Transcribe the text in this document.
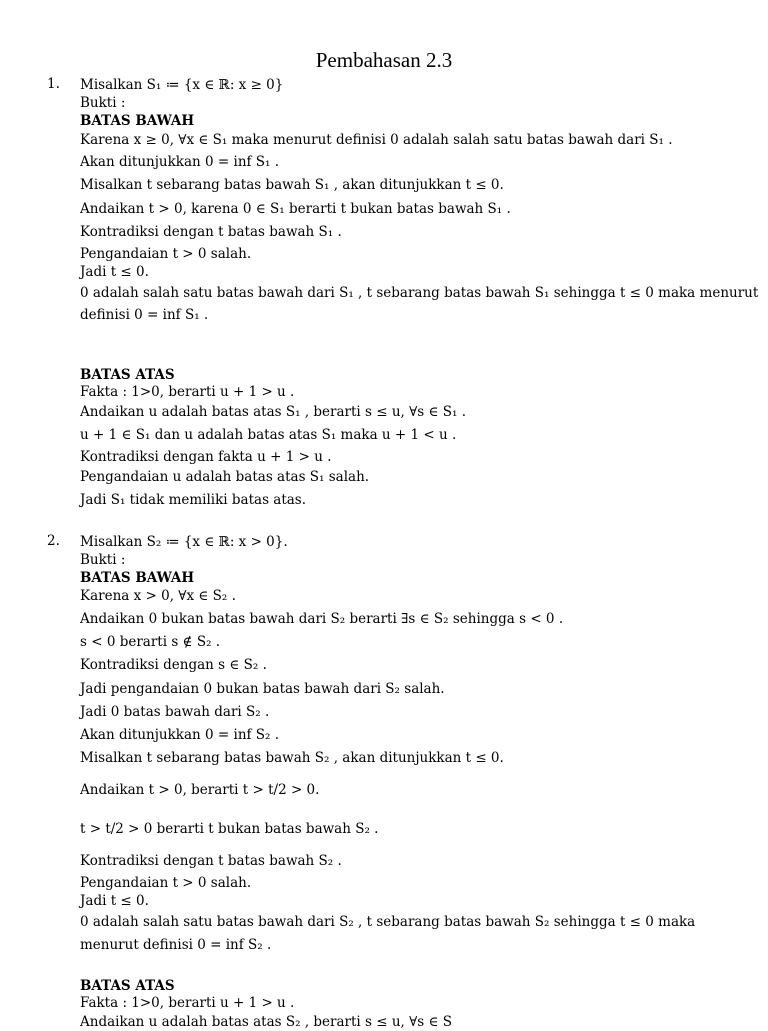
Pembahasan 2.3
1. Misalkan S₁ ≔ {x ∈ ℝ: x ≥ 0}
Bukti :
BATAS BAWAH
Karena x ≥ 0, ∀x ∈ S₁ maka menurut definisi 0 adalah salah satu batas bawah dari S₁ .
Akan ditunjukkan 0 = inf S₁ .
Misalkan t sebarang batas bawah S₁ , akan ditunjukkan t ≤ 0.
Andaikan t > 0, karena 0 ∈ S₁ berarti t bukan batas bawah S₁ .
Kontradiksi dengan t batas bawah S₁ .
Pengandaian t > 0 salah.
Jadi t ≤ 0.
0 adalah salah satu batas bawah dari S₁ , t sebarang batas bawah S₁ sehingga t ≤ 0 maka menurut
definisi 0 = inf S₁ .
BATAS ATAS
Fakta : 1>0, berarti u + 1 > u .
Andaikan u adalah batas atas S₁ , berarti s ≤ u, ∀s ∈ S₁ .
u + 1 ∈ S₁ dan u adalah batas atas S₁ maka u + 1 < u .
Kontradiksi dengan fakta u + 1 > u .
Pengandaian u adalah batas atas S₁ salah.
Jadi S₁ tidak memiliki batas atas.
2. Misalkan S₂ ≔ {x ∈ ℝ: x > 0}.
Bukti :
BATAS BAWAH
Karena x > 0, ∀x ∈ S₂ .
Andaikan 0 bukan batas bawah dari S₂ berarti ∃s ∈ S₂ sehingga s < 0 .
s < 0 berarti s ∉ S₂ .
Kontradiksi dengan s ∈ S₂ .
Jadi pengandaian 0 bukan batas bawah dari S₂ salah.
Jadi 0 batas bawah dari S₂ .
Akan ditunjukkan 0 = inf S₂ .
Misalkan t sebarang batas bawah S₂ , akan ditunjukkan t ≤ 0.
Andaikan t > 0, berarti t > t/2 > 0.
t > t/2 > 0 berarti t bukan batas bawah S₂ .
Kontradiksi dengan t batas bawah S₂ .
Pengandaian t > 0 salah.
Jadi t ≤ 0.
0 adalah salah satu batas bawah dari S₂ , t sebarang batas bawah S₂ sehingga t ≤ 0 maka
menurut definisi 0 = inf S₂ .
BATAS ATAS
Fakta : 1>0, berarti u + 1 > u .
Andaikan u adalah batas atas S₂ , berarti s ≤ u, ∀s ∈ S
